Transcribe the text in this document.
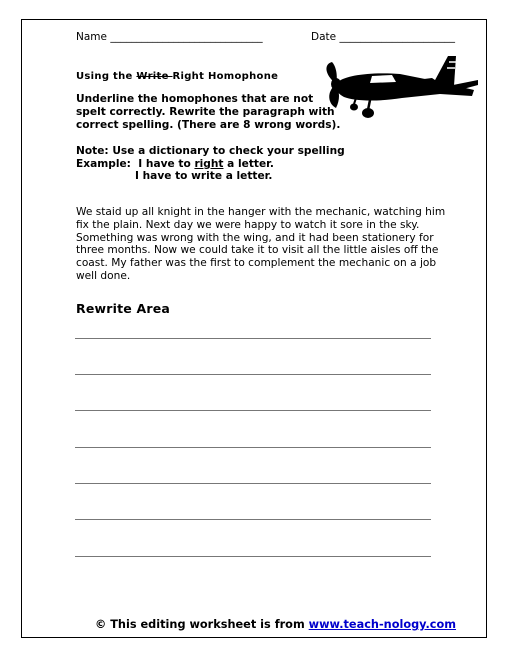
Name _____________________________	Date ______________________
Using the Write Right Homophone
Underline the homophones that are not spelt correctly. Rewrite the paragraph with correct spelling. (There are 8 wrong words).
Note: Use a dictionary to check your spelling
Example: I have to right a letter.
I have to write a letter.
We staid up all knight in the hanger with the mechanic, watching him
fix the plain. Next day we were happy to watch it sore in the sky.
Something was wrong with the wing, and it had been stationery for
three months. Now we could take it to visit all the little aisles off the
coast. My father was the first to complement the mechanic on a job
well done.
Rewrite Area
© This editing worksheet is from www.teach-nology.com
